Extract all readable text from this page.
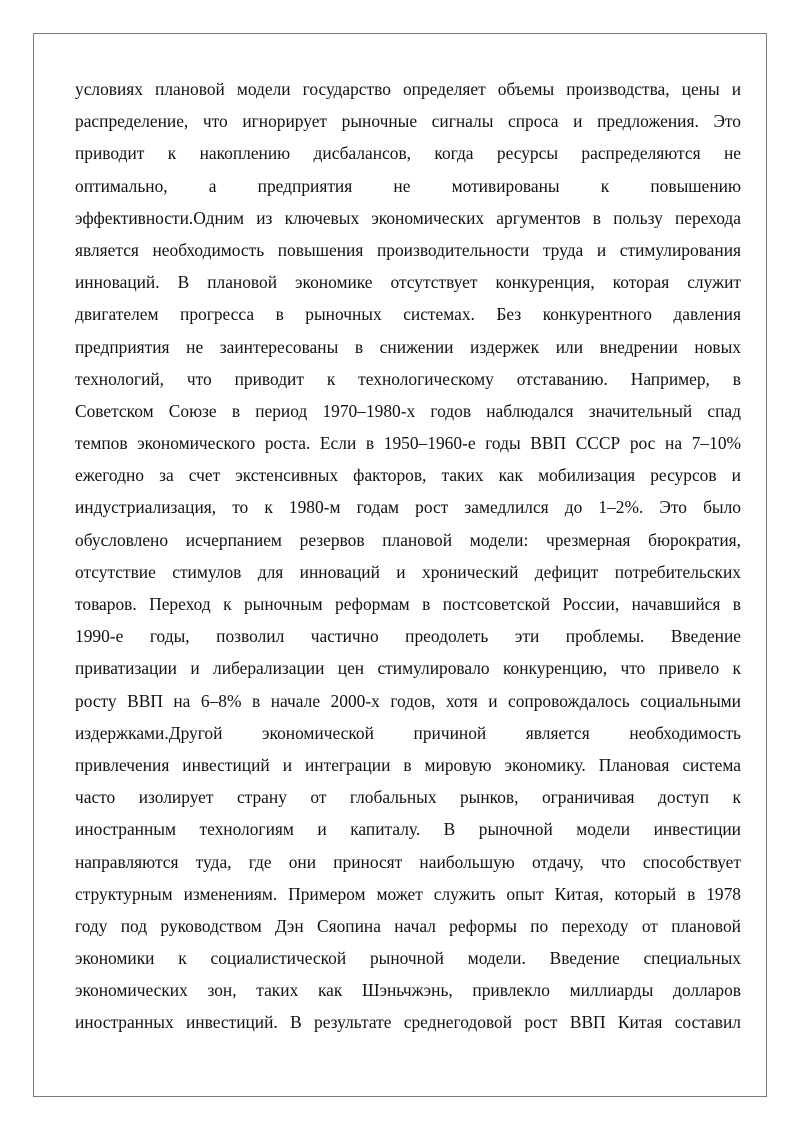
условиях плановой модели государство определяет объемы производства, цены и
распределение, что игнорирует рыночные сигналы спроса и предложения. Это
приводит к накоплению дисбалансов, когда ресурсы распределяются не
оптимально, а предприятия не мотивированы к повышению
эффективности.Одним из ключевых экономических аргументов в пользу перехода
является необходимость повышения производительности труда и стимулирования
инноваций. В плановой экономике отсутствует конкуренция, которая служит
двигателем прогресса в рыночных системах. Без конкурентного давления
предприятия не заинтересованы в снижении издержек или внедрении новых
технологий, что приводит к технологическому отставанию. Например, в
Советском Союзе в период 1970–1980-х годов наблюдался значительный спад
темпов экономического роста. Если в 1950–1960-е годы ВВП СССР рос на 7–10%
ежегодно за счет экстенсивных факторов, таких как мобилизация ресурсов и
индустриализация, то к 1980-м годам рост замедлился до 1–2%. Это было
обусловлено исчерпанием резервов плановой модели: чрезмерная бюрократия,
отсутствие стимулов для инноваций и хронический дефицит потребительских
товаров. Переход к рыночным реформам в постсоветской России, начавшийся в
1990-е годы, позволил частично преодолеть эти проблемы. Введение
приватизации и либерализации цен стимулировало конкуренцию, что привело к
росту ВВП на 6–8% в начале 2000-х годов, хотя и сопровождалось социальными
издержками.Другой экономической причиной является необходимость
привлечения инвестиций и интеграции в мировую экономику. Плановая система
часто изолирует страну от глобальных рынков, ограничивая доступ к
иностранным технологиям и капиталу. В рыночной модели инвестиции
направляются туда, где они приносят наибольшую отдачу, что способствует
структурным изменениям. Примером может служить опыт Китая, который в 1978
году под руководством Дэн Сяопина начал реформы по переходу от плановой
экономики к социалистической рыночной модели. Введение специальных
экономических зон, таких как Шэньчжэнь, привлекло миллиарды долларов
иностранных инвестиций. В результате среднегодовой рост ВВП Китая составил
